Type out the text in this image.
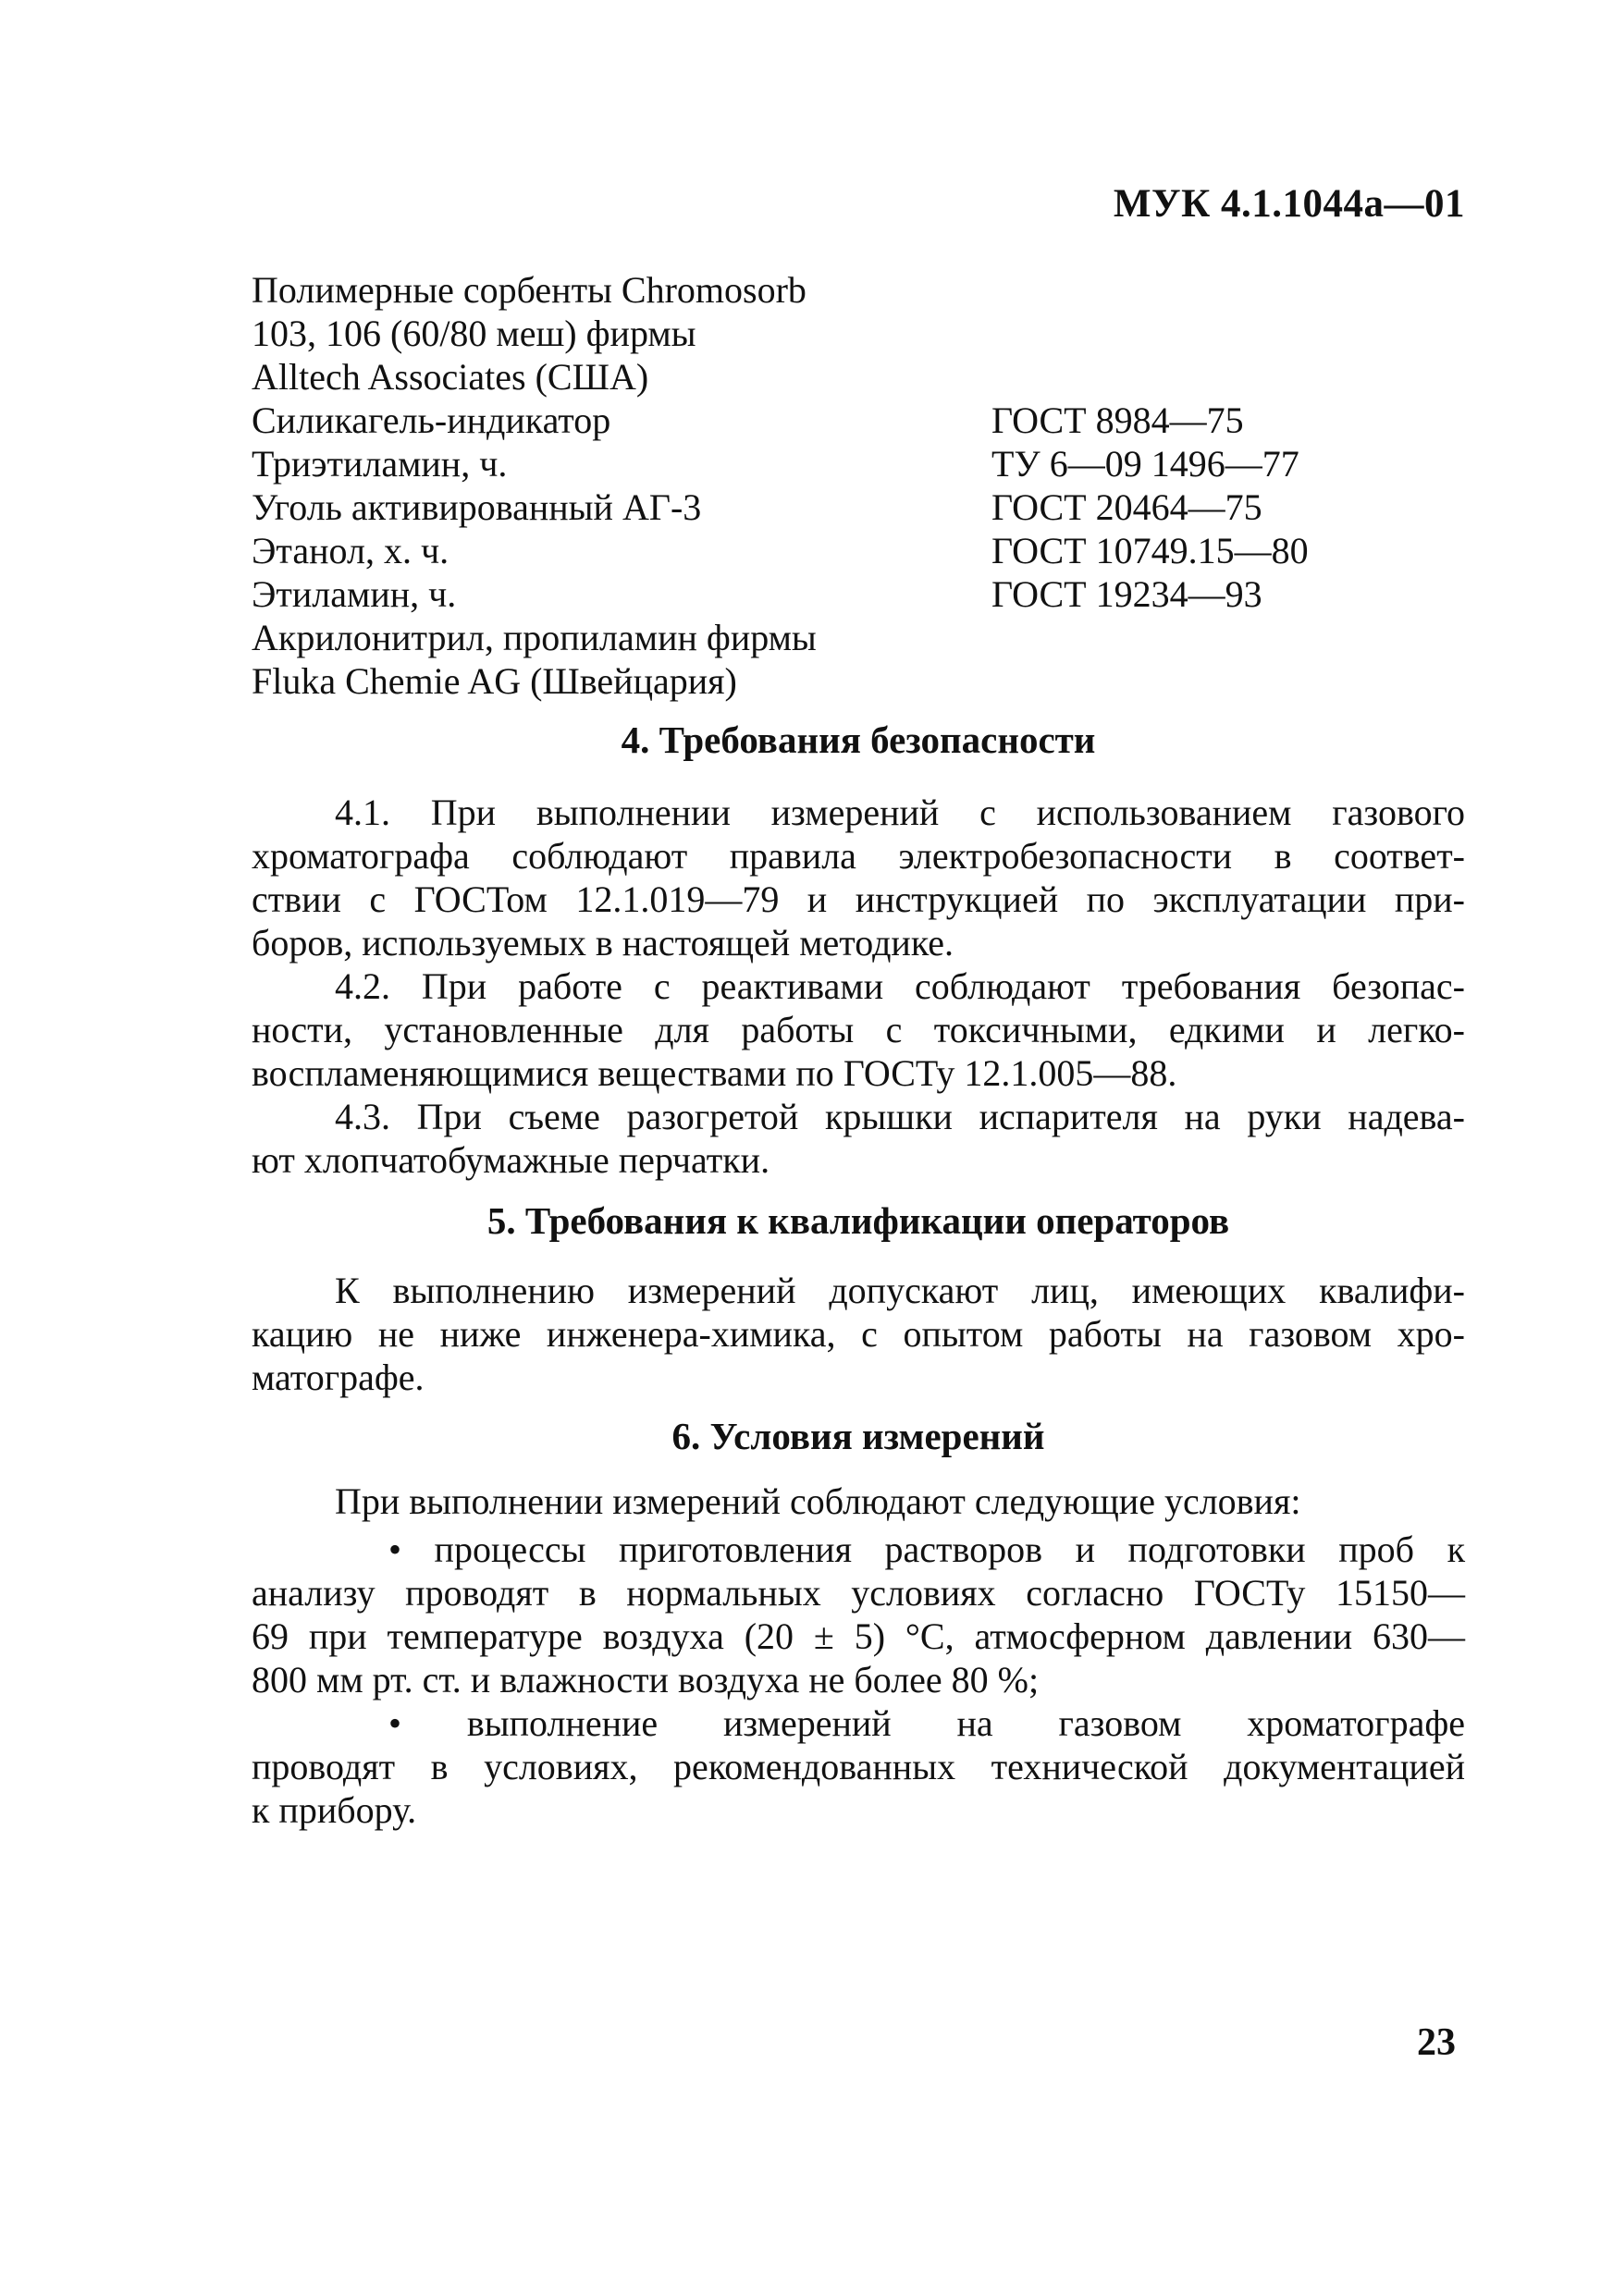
МУК 4.1.1044а—01
Полимерные сорбенты Chromosorb
103, 106 (60/80 меш) фирмы
Alltech Associates (США)
Силикагель-индикатор	ГОСТ 8984—75
Триэтиламин, ч.	ТУ 6—09 1496—77
Уголь активированный АГ-3	ГОСТ 20464—75
Этанол, х. ч.	ГОСТ 10749.15—80
Этиламин, ч.	ГОСТ 19234—93
Акрилонитрил, пропиламин фирмы
Fluka Chemie AG (Швейцария)
4. Требования безопасности
4.1. При выполнении измерений с использованием газового
хроматографа соблюдают правила электробезопасности в соответ-
ствии с ГОСТом 12.1.019—79 и инструкцией по эксплуатации при-
боров, используемых в настоящей методике.
4.2. При работе с реактивами соблюдают требования безопас-
ности, установленные для работы с токсичными, едкими и легко-
воспламеняющимися веществами по ГОСТу 12.1.005—88.
4.3. При съеме разогретой крышки испарителя на руки надева-
ют хлопчатобумажные перчатки.
5. Требования к квалификации операторов
К выполнению измерений допускают лиц, имеющих квалифи-
кацию не ниже инженера-химика, с опытом работы на газовом хро-
матографе.
6. Условия измерений
При выполнении измерений соблюдают следующие условия:
• процессы приготовления растворов и подготовки проб к
анализу проводят в нормальных условиях согласно ГОСТу 15150—
69 при температуре воздуха (20 ± 5) °С, атмосферном давлении 630—
800 мм рт. ст. и влажности воздуха не более 80 %;
• выполнение измерений на газовом хроматографе
проводят в условиях, рекомендованных технической документацией
к прибору.
23
